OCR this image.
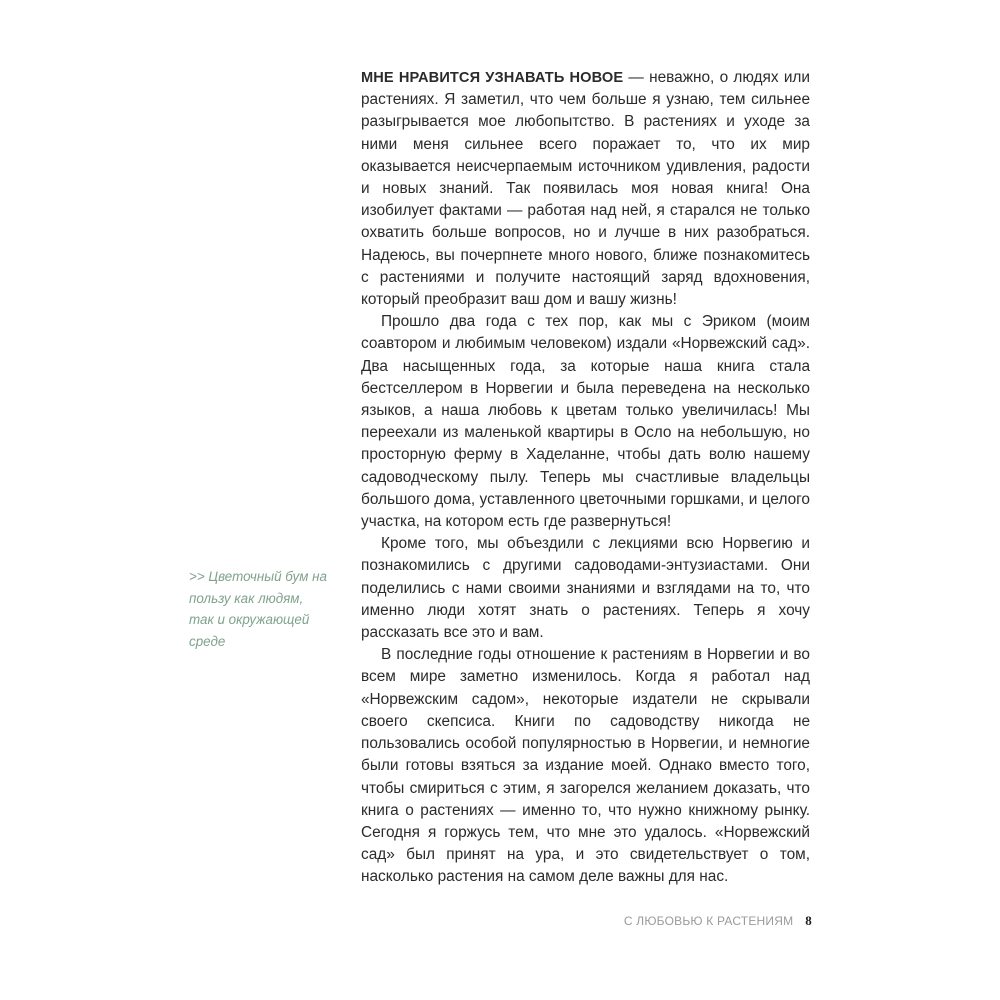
МНЕ НРАВИТСЯ УЗНАВАТЬ НОВОЕ — неважно, о людях или растениях. Я заметил, что чем больше я узнаю, тем сильнее разыгрывается мое любопытство. В растениях и уходе за ними меня сильнее всего поражает то, что их мир оказывается неисчерпаемым источником удивления, радости и новых знаний. Так появилась моя новая книга! Она изобилует фактами — работая над ней, я старался не только охватить больше вопросов, но и лучше в них разобраться. Надеюсь, вы почерпнете много нового, ближе познакомитесь с растениями и получите настоящий заряд вдохновения, который преобразит ваш дом и вашу жизнь!

Прошло два года с тех пор, как мы с Эриком (моим соавтором и любимым человеком) издали «Норвежский сад». Два насыщенных года, за которые наша книга стала бестселлером в Норвегии и была переведена на несколько языков, а наша любовь к цветам только увеличилась! Мы переехали из маленькой квартиры в Осло на небольшую, но просторную ферму в Хаделанне, чтобы дать волю нашему садоводческому пылу. Теперь мы счастливые владельцы большого дома, уставленного цветочными горшками, и целого участка, на котором есть где развернуться!

Кроме того, мы объездили с лекциями всю Норвегию и познакомились с другими садоводами-энтузиастами. Они поделились с нами своими знаниями и взглядами на то, что именно люди хотят знать о растениях. Теперь я хочу рассказать все это и вам.

В последние годы отношение к растениям в Норвегии и во всем мире заметно изменилось. Когда я работал над «Норвежским садом», некоторые издатели не скрывали своего скепсиса. Книги по садоводству никогда не пользовались особой популярностью в Норвегии, и немногие были готовы взяться за издание моей. Однако вместо того, чтобы смириться с этим, я загорелся желанием доказать, что книга о растениях — именно то, что нужно книжному рынку. Сегодня я горжусь тем, что мне это удалось. «Норвежский сад» был принят на ура, и это свидетельствует о том, насколько растения на самом деле важны для нас.

>> Цветочный бум на пользу как людям, так и окружающей среде
С ЛЮБОВЬЮ К РАСТЕНИЯМ 8
